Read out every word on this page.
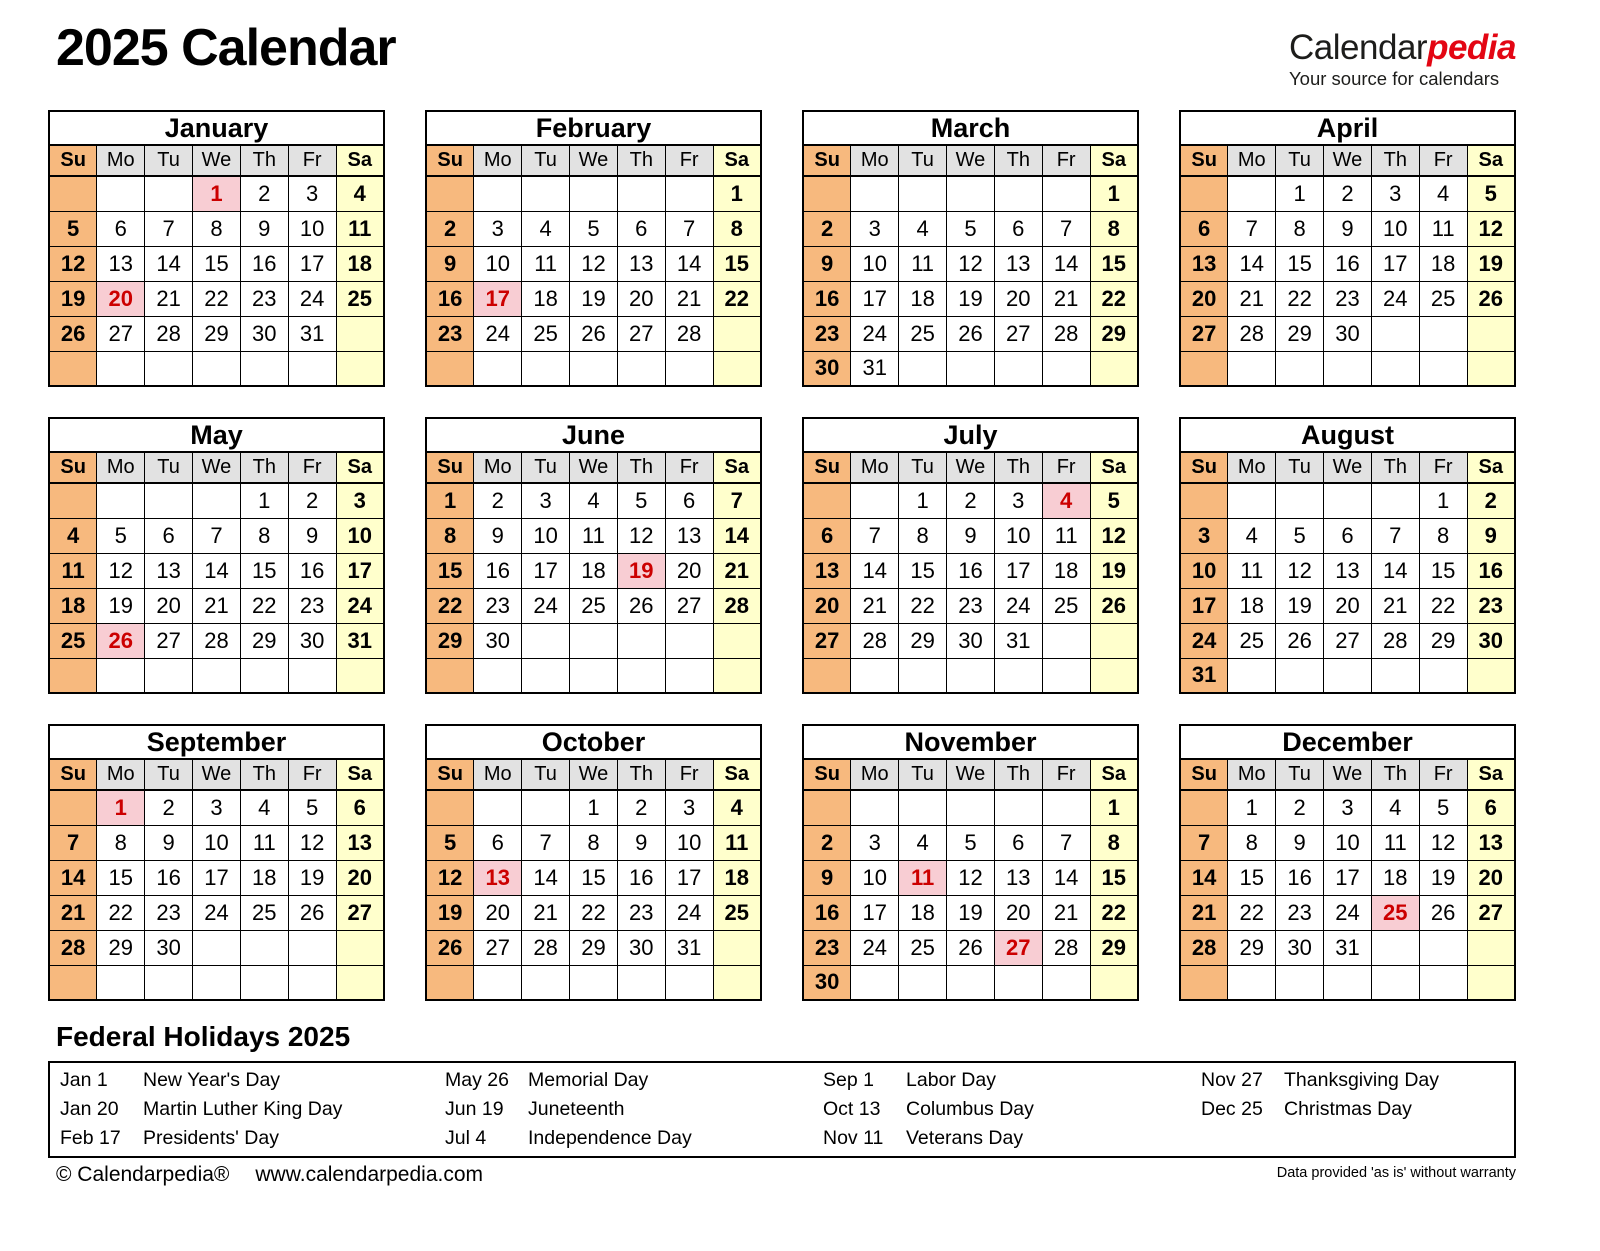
2025 Calendar	Calendarpedia
Your source for calendars
January						
Su	Mo	Tu	We	Th	Fr	Sa
			1	2	3	4
5	6	7	8	9	10	11
12	13	14	15	16	17	18
19	20	21	22	23	24	25
26	27	28	29	30	31	

February						
Su	Mo	Tu	We	Th	Fr	Sa
						1
2	3	4	5	6	7	8
9	10	11	12	13	14	15
16	17	18	19	20	21	22
23	24	25	26	27	28	

March						
Su	Mo	Tu	We	Th	Fr	Sa
						1
2	3	4	5	6	7	8
9	10	11	12	13	14	15
16	17	18	19	20	21	22
23	24	25	26	27	28	29
30	31					
April						
Su	Mo	Tu	We	Th	Fr	Sa
		1	2	3	4	5
6	7	8	9	10	11	12
13	14	15	16	17	18	19
20	21	22	23	24	25	26
27	28	29	30			

May						
Su	Mo	Tu	We	Th	Fr	Sa
				1	2	3
4	5	6	7	8	9	10
11	12	13	14	15	16	17
18	19	20	21	22	23	24
25	26	27	28	29	30	31

June						
Su	Mo	Tu	We	Th	Fr	Sa
1	2	3	4	5	6	7
8	9	10	11	12	13	14
15	16	17	18	19	20	21
22	23	24	25	26	27	28
29	30					

July						
Su	Mo	Tu	We	Th	Fr	Sa
		1	2	3	4	5
6	7	8	9	10	11	12
13	14	15	16	17	18	19
20	21	22	23	24	25	26
27	28	29	30	31		

August						
Su	Mo	Tu	We	Th	Fr	Sa
					1	2
3	4	5	6	7	8	9
10	11	12	13	14	15	16
17	18	19	20	21	22	23
24	25	26	27	28	29	30
31						
September						
Su	Mo	Tu	We	Th	Fr	Sa
	1	2	3	4	5	6
7	8	9	10	11	12	13
14	15	16	17	18	19	20
21	22	23	24	25	26	27
28	29	30				

October						
Su	Mo	Tu	We	Th	Fr	Sa
			1	2	3	4
5	6	7	8	9	10	11
12	13	14	15	16	17	18
19	20	21	22	23	24	25
26	27	28	29	30	31	

November						
Su	Mo	Tu	We	Th	Fr	Sa
						1
2	3	4	5	6	7	8
9	10	11	12	13	14	15
16	17	18	19	20	21	22
23	24	25	26	27	28	29
30						
December						
Su	Mo	Tu	We	Th	Fr	Sa
	1	2	3	4	5	6
7	8	9	10	11	12	13
14	15	16	17	18	19	20
21	22	23	24	25	26	27
28	29	30	31			

Federal Holidays 2025
Jan 1	New Year's Day
Jan 20	Martin Luther King Day
Feb 17	Presidents' Day
May 26 Memorial Day
Jun 19	Juneteenth
Jul 4	Independence Day
Sep 1	Labor Day
Oct 13	Columbus Day
Nov 11	Veterans Day
Nov 27	Thanksgiving Day
Dec 25	Christmas Day
© Calendarpedia® www.calendarpedia.com	Data provided 'as is' without warranty
